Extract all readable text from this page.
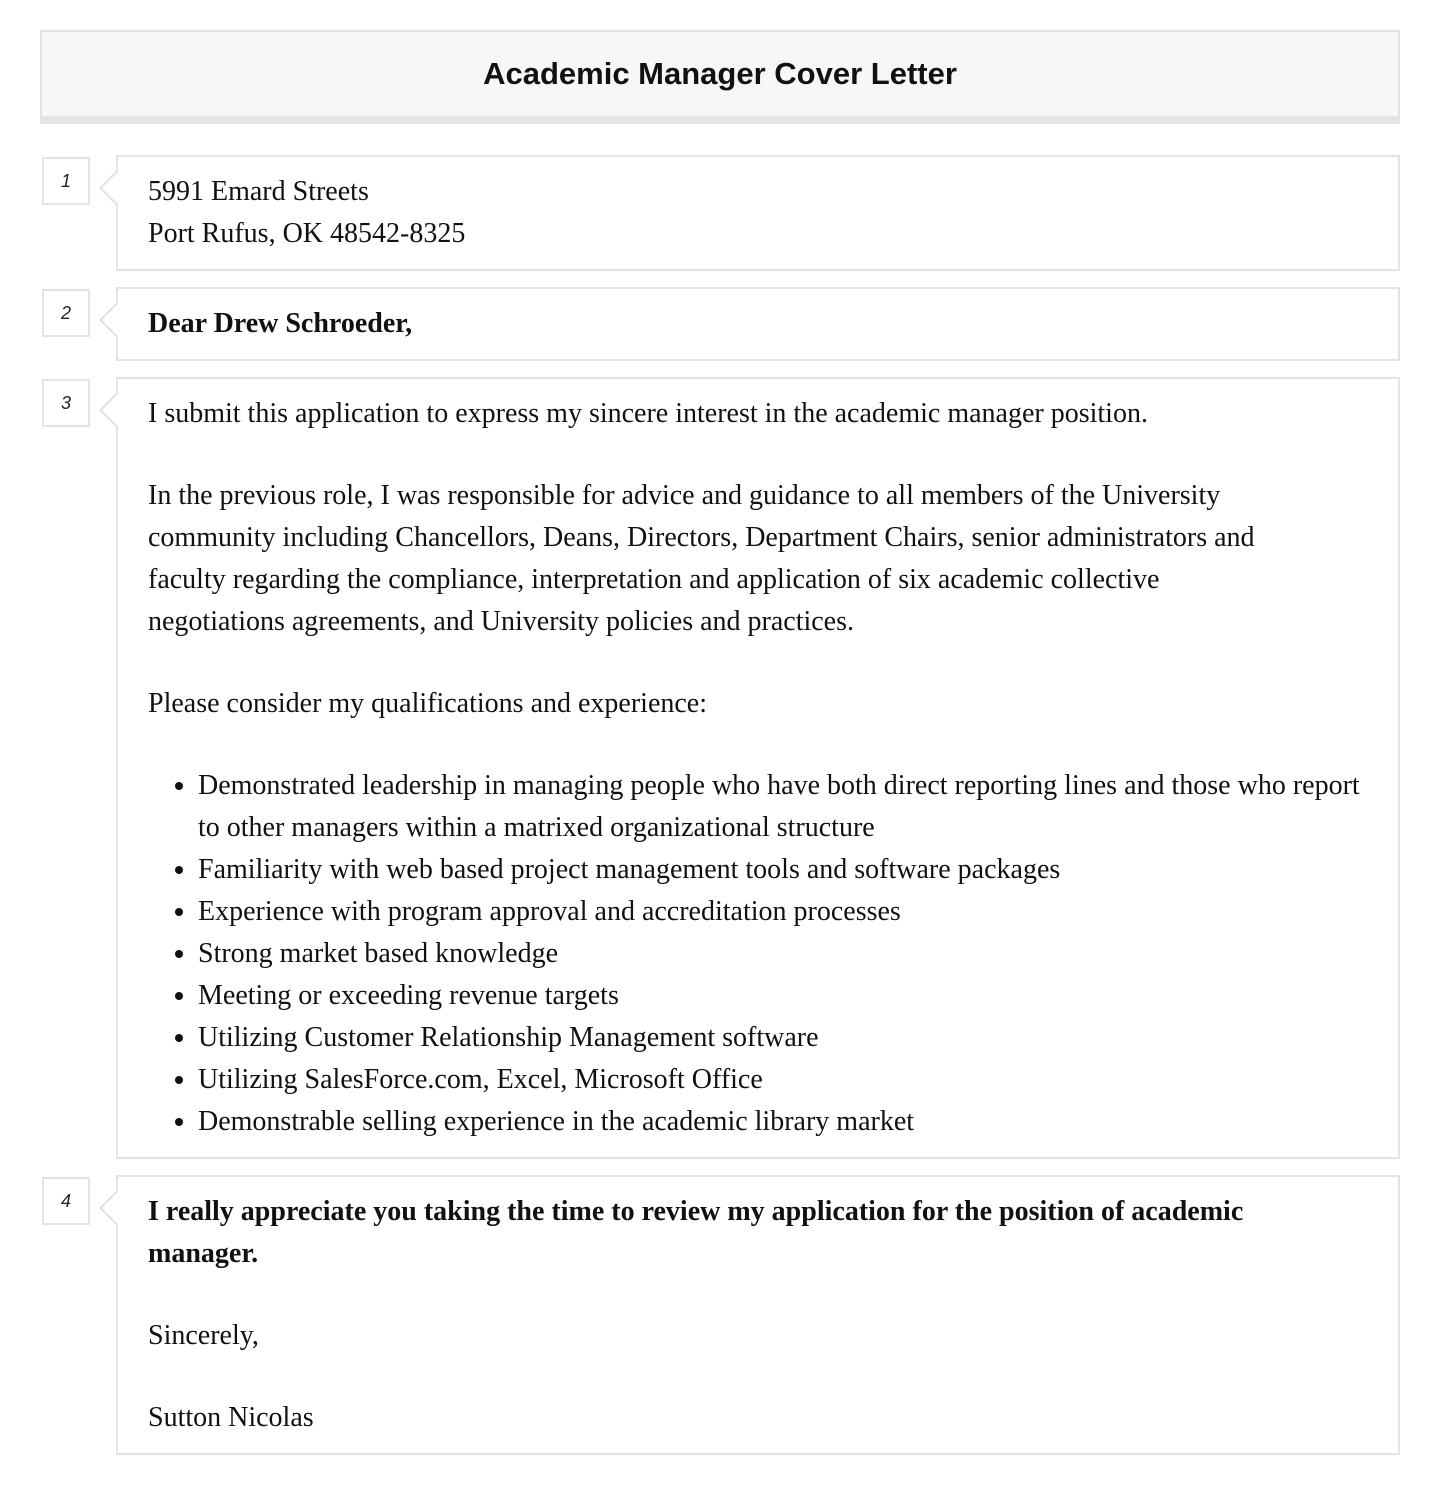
Academic Manager Cover Letter
1	5991 Emard Streets
Port Rufus, OK 48542-8325
2	Dear Drew Schroeder,
3	I submit this application to express my sincere interest in the academic manager position.
In the previous role, I was responsible for advice and guidance to all members of the University
community including Chancellors, Deans, Directors, Department Chairs, senior administrators and
faculty regarding the compliance, interpretation and application of six academic collective
negotiations agreements, and University policies and practices.
Please consider my qualifications and experience:
• Demonstrated leadership in managing people who have both direct reporting lines and those who report to other managers within a matrixed organizational structure
• Familiarity with web based project management tools and software packages
• Experience with program approval and accreditation processes
• Strong market based knowledge
• Meeting or exceeding revenue targets
• Utilizing Customer Relationship Management software
• Utilizing SalesForce.com, Excel, Microsoft Office
• Demonstrable selling experience in the academic library market
4	I really appreciate you taking the time to review my application for the position of academic
manager.
Sincerely,
Sutton Nicolas
